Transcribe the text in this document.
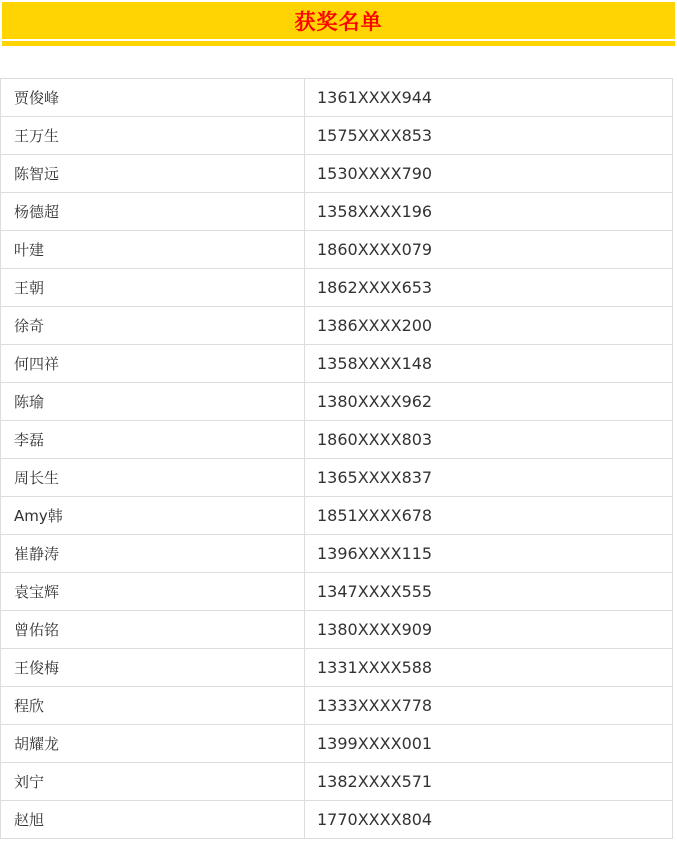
获奖名单
贾俊峰	1361XXXX944
王万生	1575XXXX853
陈智远	1530XXXX790
杨德超	1358XXXX196
叶建	1860XXXX079
王朝	1862XXXX653
徐奇	1386XXXX200
何四祥	1358XXXX148
陈瑜	1380XXXX962
李磊	1860XXXX803
周长生	1365XXXX837
Amy韩	1851XXXX678
崔静涛	1396XXXX115
袁宝辉	1347XXXX555
曾佑铭	1380XXXX909
王俊梅	1331XXXX588
程欣	1333XXXX778
胡耀龙	1399XXXX001
刘宁	1382XXXX571
赵旭	1770XXXX804
